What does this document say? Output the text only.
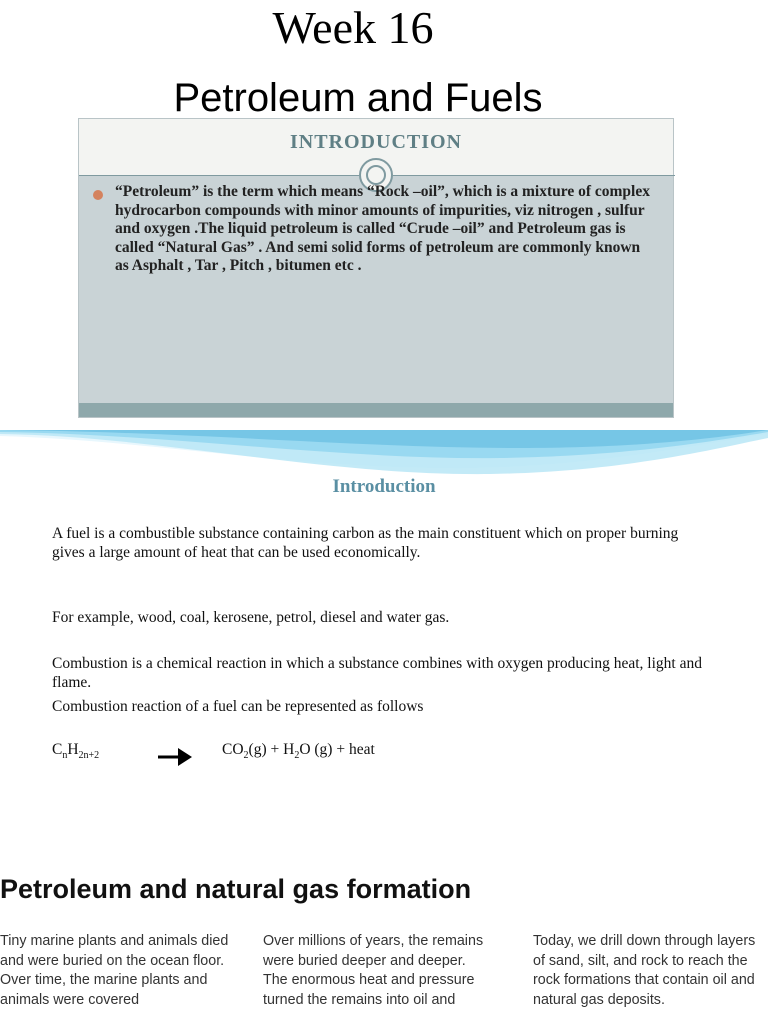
Week 16
Petroleum and Fuels
INTRODUCTION
“Petroleum” is the term which means “Rock –oil”, which is a mixture of complex hydrocarbon compounds with minor amounts of impurities, viz nitrogen , sulfur and oxygen .The liquid petroleum is called “Crude –oil” and Petroleum gas is called “Natural Gas” . And semi solid forms of petroleum are commonly known as Asphalt , Tar , Pitch , bitumen etc .
Introduction
A fuel is a combustible substance containing carbon as the main constituent which on proper burning gives a large amount of heat that can be used economically.
For example, wood, coal, kerosene, petrol, diesel and water gas.
Combustion is a chemical reaction in which a substance combines with oxygen producing heat, light and flame.
Combustion reaction of a fuel can be represented as follows
$C_nH_{2n+2}$	$CO_2(g) + H_2O$ (g) + heat
Petroleum and natural gas formation
Tiny marine plants and animals died and were buried on the ocean floor. Over time, the marine plants and animals were covered
Over millions of years, the remains were buried deeper and deeper. The enormous heat and pressure turned the remains into oil and
Today, we drill down through layers of sand, silt, and rock to reach the rock formations that contain oil and natural gas deposits.
